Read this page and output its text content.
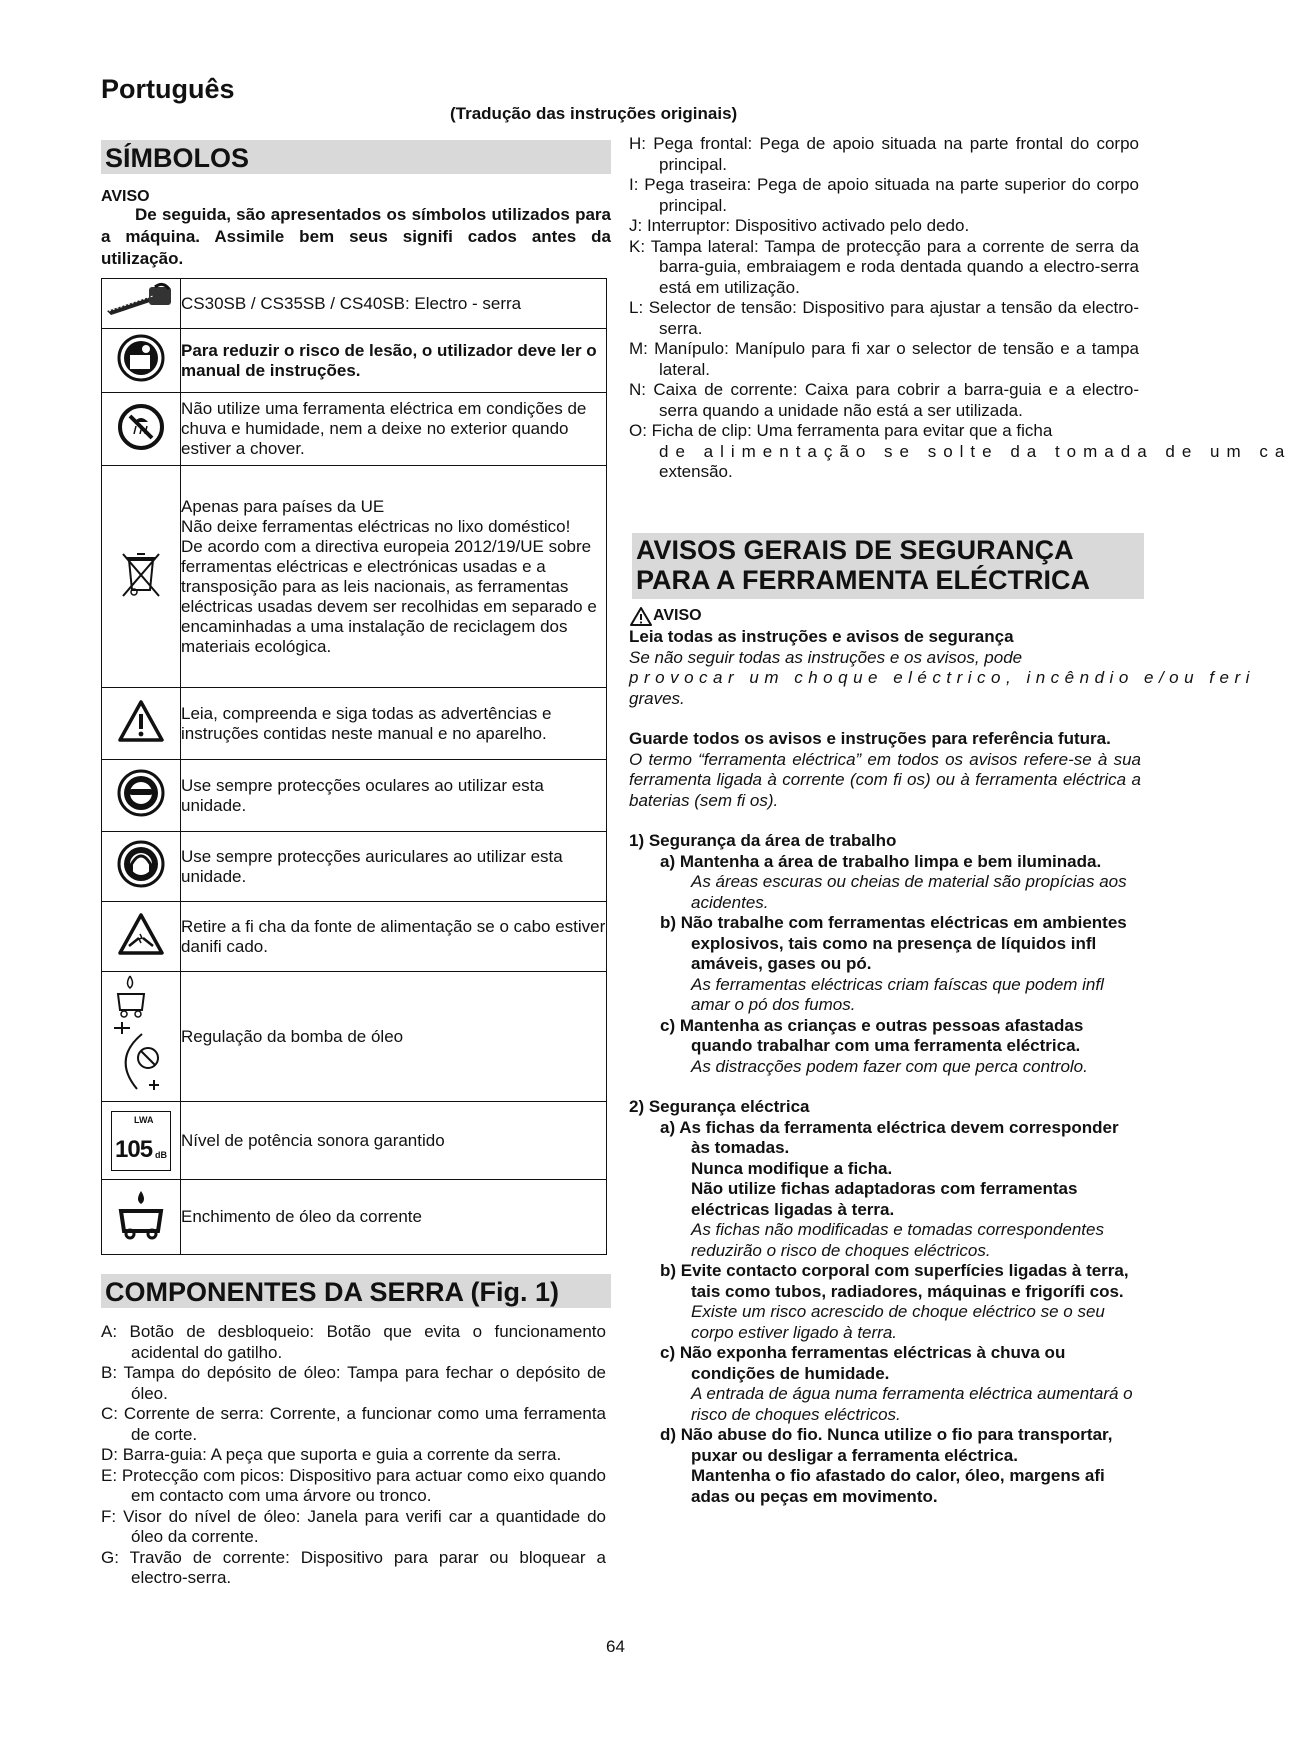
Português
(Tradução das instruções originais)
SÍMBOLOS
AVISO
De seguida, são apresentados os símbolos utilizados para a máquina. Assimile bem seus signifi cados antes da utilização.
	CS30SB / CS35SB / CS40SB: Electro - serra
	Para reduzir o risco de lesão, o utilizador deve ler o manual de instruções.
	Não utilize uma ferramenta eléctrica em condições de chuva e humidade, nem a deixe no exterior quando estiver a chover.

Apenas para países da UE
Não deixe ferramentas eléctricas no lixo doméstico!
De acordo com a directiva europeia 2012/19/UE sobre ferramentas eléctricas e electrónicas usadas e a transposição para as leis nacionais, as ferramentas eléctricas usadas devem ser recolhidas em separado e encaminhadas a uma instalação de reciclagem dos materiais ecológica.

	Leia, compreenda e siga todas as advertências e instruções contidas neste manual e no aparelho.
	Use sempre protecções oculares ao utilizar esta unidade.
	Use sempre protecções auriculares ao utilizar esta unidade.
	Retire a fi cha da fonte de alimentação se o cabo estiver danifi cado.
	Regulação da bomba de óleo

LWA
105 dB	Nível de potência sonora garantido
	Enchimento de óleo da corrente
COMPONENTES DA SERRA (Fig. 1)

A: Botão de desbloqueio: Botão que evita o funcionamento acidental do gatilho.

B: Tampa do depósito de óleo: Tampa para fechar o depósito de óleo.

C: Corrente de serra: Corrente, a funcionar como uma ferramenta de corte.

D: Barra-guia: A peça que suporta e guia a corrente da serra.

E: Protecção com picos: Dispositivo para actuar como eixo quando em contacto com uma árvore ou tronco.

F: Visor do nível de óleo: Janela para verifi car a quantidade do óleo da corrente.

G: Travão de corrente: Dispositivo para parar ou bloquear a electro-serra.

H: Pega frontal: Pega de apoio situada na parte frontal do corpo principal.

I: Pega traseira: Pega de apoio situada na parte superior do corpo principal.

J: Interruptor: Dispositivo activado pelo dedo.

K: Tampa lateral: Tampa de protecção para a corrente de serra da barra-guia, embraiagem e roda dentada quando a electro-serra está em utilização.

L: Selector de tensão: Dispositivo para ajustar a tensão da electro-serra.

M: Manípulo: Manípulo para fi xar o selector de tensão e a tampa lateral.

N: Caixa de corrente: Caixa para cobrir a barra-guia e a electro-serra quando a unidade não está a ser utilizada.

O: Ficha de clip: Uma ferramenta para evitar que a ficha
de alimentação se solte da tomada de um ca
extensão.
AVISOS GERAIS DE SEGURANÇA
PARA A FERRAMENTA ELÉCTRICA
AVISO
Leia todas as instruções e avisos de segurança
Se não seguir todas as instruções e os avisos, pode
provocar um choque eléctrico, incêndio e/ou feri
graves.
Guarde todos os avisos e instruções para referência futura.
O termo “ferramenta eléctrica” em todos os avisos refere-se à sua ferramenta ligada à corrente (com fi os) ou à ferramenta eléctrica a baterias (sem fi os).
1) Segurança da área de trabalho
a) Mantenha a área de trabalho limpa e bem iluminada.
As áreas escuras ou cheias de material são propícias aos acidentes.
b) Não trabalhe com ferramentas eléctricas em ambientes explosivos, tais como na presença de líquidos infl amáveis, gases ou pó.
As ferramentas eléctricas criam faíscas que podem infl amar o pó dos fumos.
c) Mantenha as crianças e outras pessoas afastadas quando trabalhar com uma ferramenta eléctrica.
As distracções podem fazer com que perca controlo.
2) Segurança eléctrica
a) As fichas da ferramenta eléctrica devem corresponder às tomadas.
Nunca modifique a ficha.
Não utilize fichas adaptadoras com ferramentas eléctricas ligadas à terra.
As fichas não modificadas e tomadas correspondentes reduzirão o risco de choques eléctricos.
b) Evite contacto corporal com superfícies ligadas à terra, tais como tubos, radiadores, máquinas e frigorífi cos.
Existe um risco acrescido de choque eléctrico se o seu corpo estiver ligado à terra.
c) Não exponha ferramentas eléctricas à chuva ou condições de humidade.
A entrada de água numa ferramenta eléctrica aumentará o risco de choques eléctricos.
d) Não abuse do fio. Nunca utilize o fio para transportar, puxar ou desligar a ferramenta eléctrica.
Mantenha o fio afastado do calor, óleo, margens afi adas ou peças em movimento.
64
